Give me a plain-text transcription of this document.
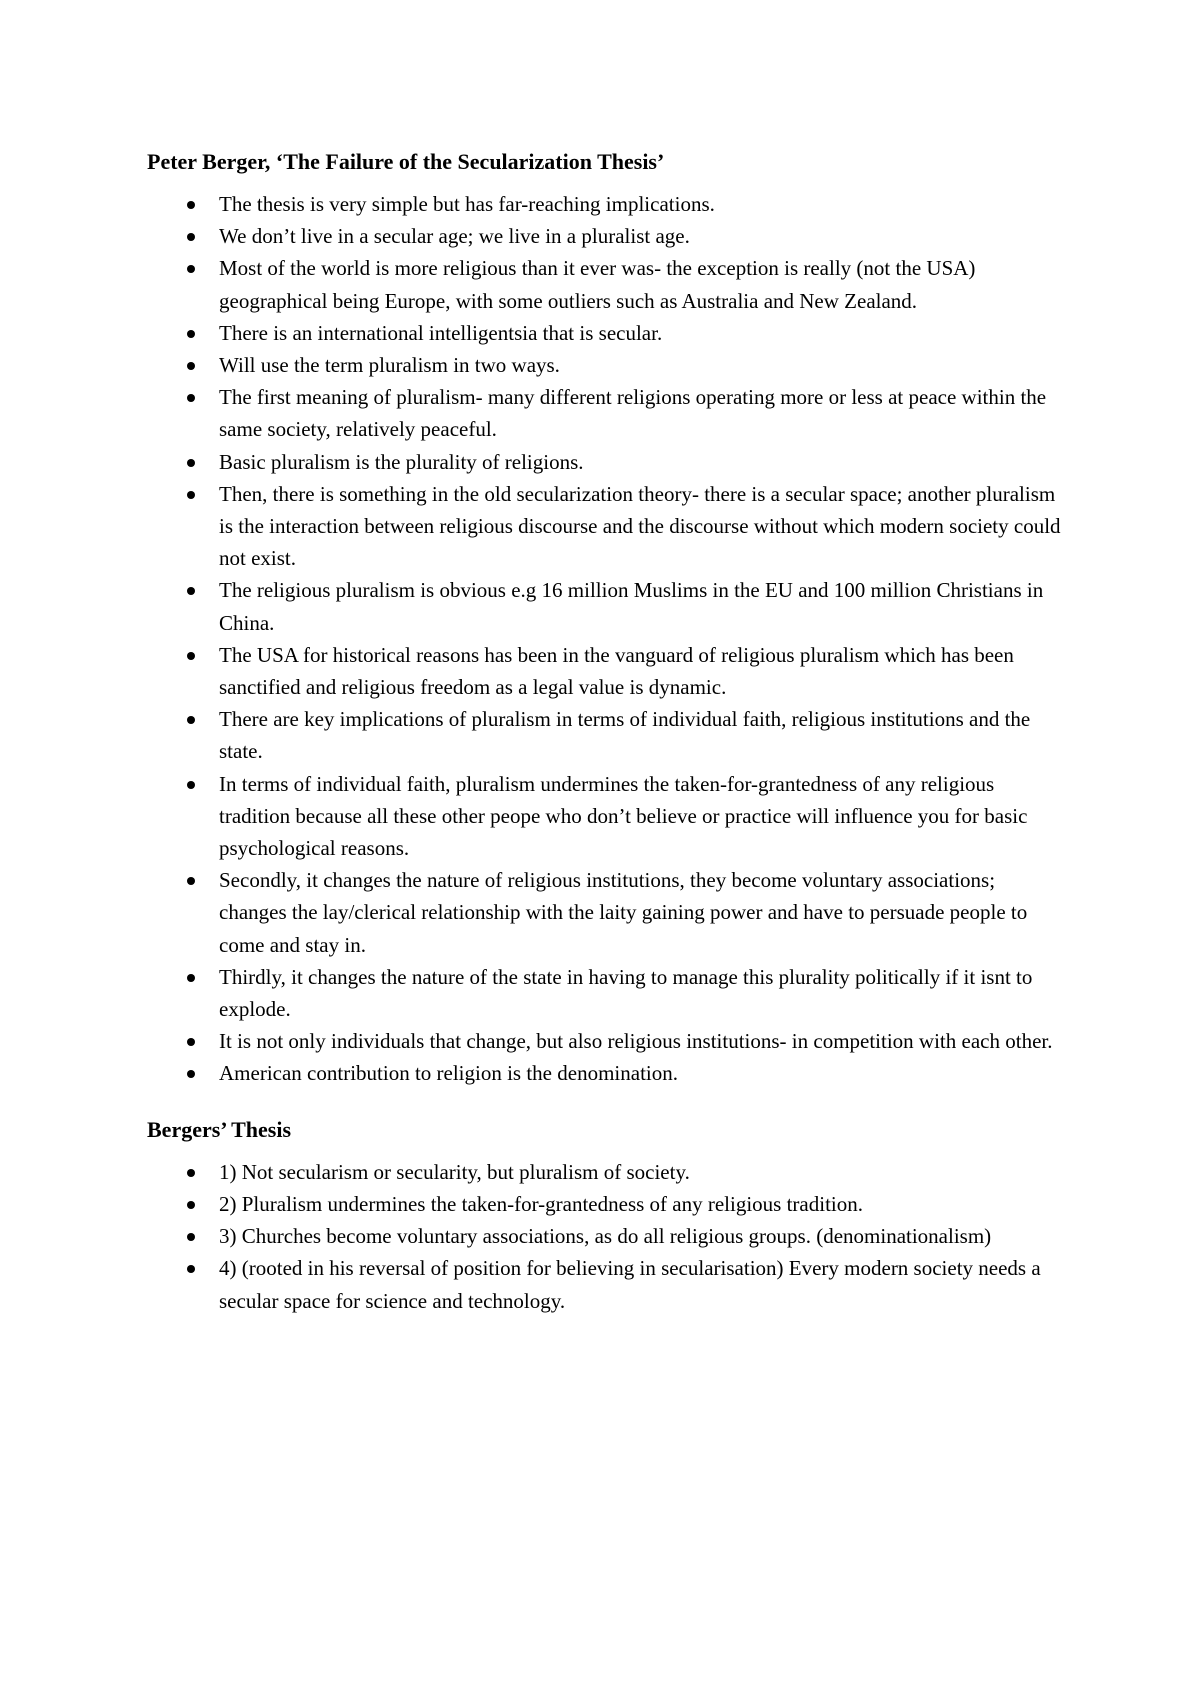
Peter Berger, ‘The Failure of the Secularization Thesis’
The thesis is very simple but has far-reaching implications.
We don’t live in a secular age; we live in a pluralist age.
Most of the world is more religious than it ever was- the exception is really (not the USA) geographical being Europe, with some outliers such as Australia and New Zealand.
There is an international intelligentsia that is secular.
Will use the term pluralism in two ways.
The first meaning of pluralism- many different religions operating more or less at peace within the same society, relatively peaceful.
Basic pluralism is the plurality of religions.
Then, there is something in the old secularization theory- there is a secular space; another pluralism is the interaction between religious discourse and the discourse without which modern society could not exist.
The religious pluralism is obvious e.g 16 million Muslims in the EU and 100 million Christians in China.
The USA for historical reasons has been in the vanguard of religious pluralism which has been sanctified and religious freedom as a legal value is dynamic.
There are key implications of pluralism in terms of individual faith, religious institutions and the state.
In terms of individual faith, pluralism undermines the taken-for-grantedness of any religious tradition because all these other peope who don’t believe or practice will influence you for basic psychological reasons.
Secondly, it changes the nature of religious institutions, they become voluntary associations; changes the lay/clerical relationship with the laity gaining power and have to persuade people to come and stay in.
Thirdly, it changes the nature of the state in having to manage this plurality politically if it isnt to explode.
It is not only individuals that change, but also religious institutions- in competition with each other.
American contribution to religion is the denomination.
Bergers’ Thesis
1) Not secularism or secularity, but pluralism of society.
2) Pluralism undermines the taken-for-grantedness of any religious tradition.
3) Churches become voluntary associations, as do all religious groups. (denominationalism)
4) (rooted in his reversal of position for believing in secularisation) Every modern society needs a secular space for science and technology.
